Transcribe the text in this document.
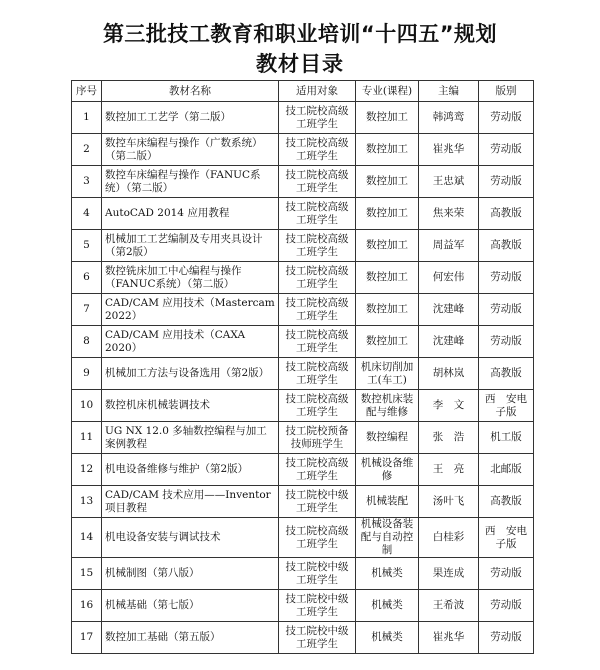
第三批技工教育和职业培训“十四五”规划
教材目录
序号	教材名称	适用对象	专业(课程)	主编	版别
1	数控加工工艺学（第二版）	技工院校高级工班学生	数控加工	韩鸿鸾	劳动版
2	数控车床编程与操作（广数系统）（第二版）	技工院校高级工班学生	数控加工	崔兆华	劳动版
3	数控车床编程与操作（FANUC系统）（第二版）	技工院校高级工班学生	数控加工	王忠斌	劳动版
4	AutoCAD 2014 应用教程	技工院校高级工班学生	数控加工	焦来荣	高教版
5	机械加工工艺编制及专用夹具设计（第2版）	技工院校高级工班学生	数控加工	周益军	高教版
6	数控铣床加工中心编程与操作（FANUC系统）（第二版）	技工院校高级工班学生	数控加工	何宏伟	劳动版
7	CAD/CAM 应用技术（Mastercam 2022）	技工院校高级工班学生	数控加工	沈建峰	劳动版
8	CAD/CAM 应用技术（CAXA 2020）	技工院校高级工班学生	数控加工	沈建峰	劳动版
9	机械加工方法与设备选用（第2版）	技工院校高级工班学生	机床切削加工(车工)	胡林岚	高教版
10	数控机床机械装调技术	技工院校高级工班学生	数控机床装配与维修	李　文	西　安电子版
11	UG NX 12.0 多轴数控编程与加工案例教程	技工院校预备技师班学生	数控编程	张　浩	机工版
12	机电设备维修与维护（第2版）	技工院校高级工班学生	机械设备维修	王　亮	北邮版
13	CAD/CAM 技术应用——Inventor 项目教程	技工院校中级工班学生	机械装配	汤叶飞	高教版
14	机电设备安装与调试技术	技工院校高级工班学生	机械设备装配与自动控制	白桂彩	西　安电子版
15	机械制图（第八版）	技工院校中级工班学生	机械类	果连成	劳动版
16	机械基础（第七版）	技工院校中级工班学生	机械类	王希波	劳动版
17	数控加工基础（第五版）	技工院校中级工班学生	机械类	崔兆华	劳动版
